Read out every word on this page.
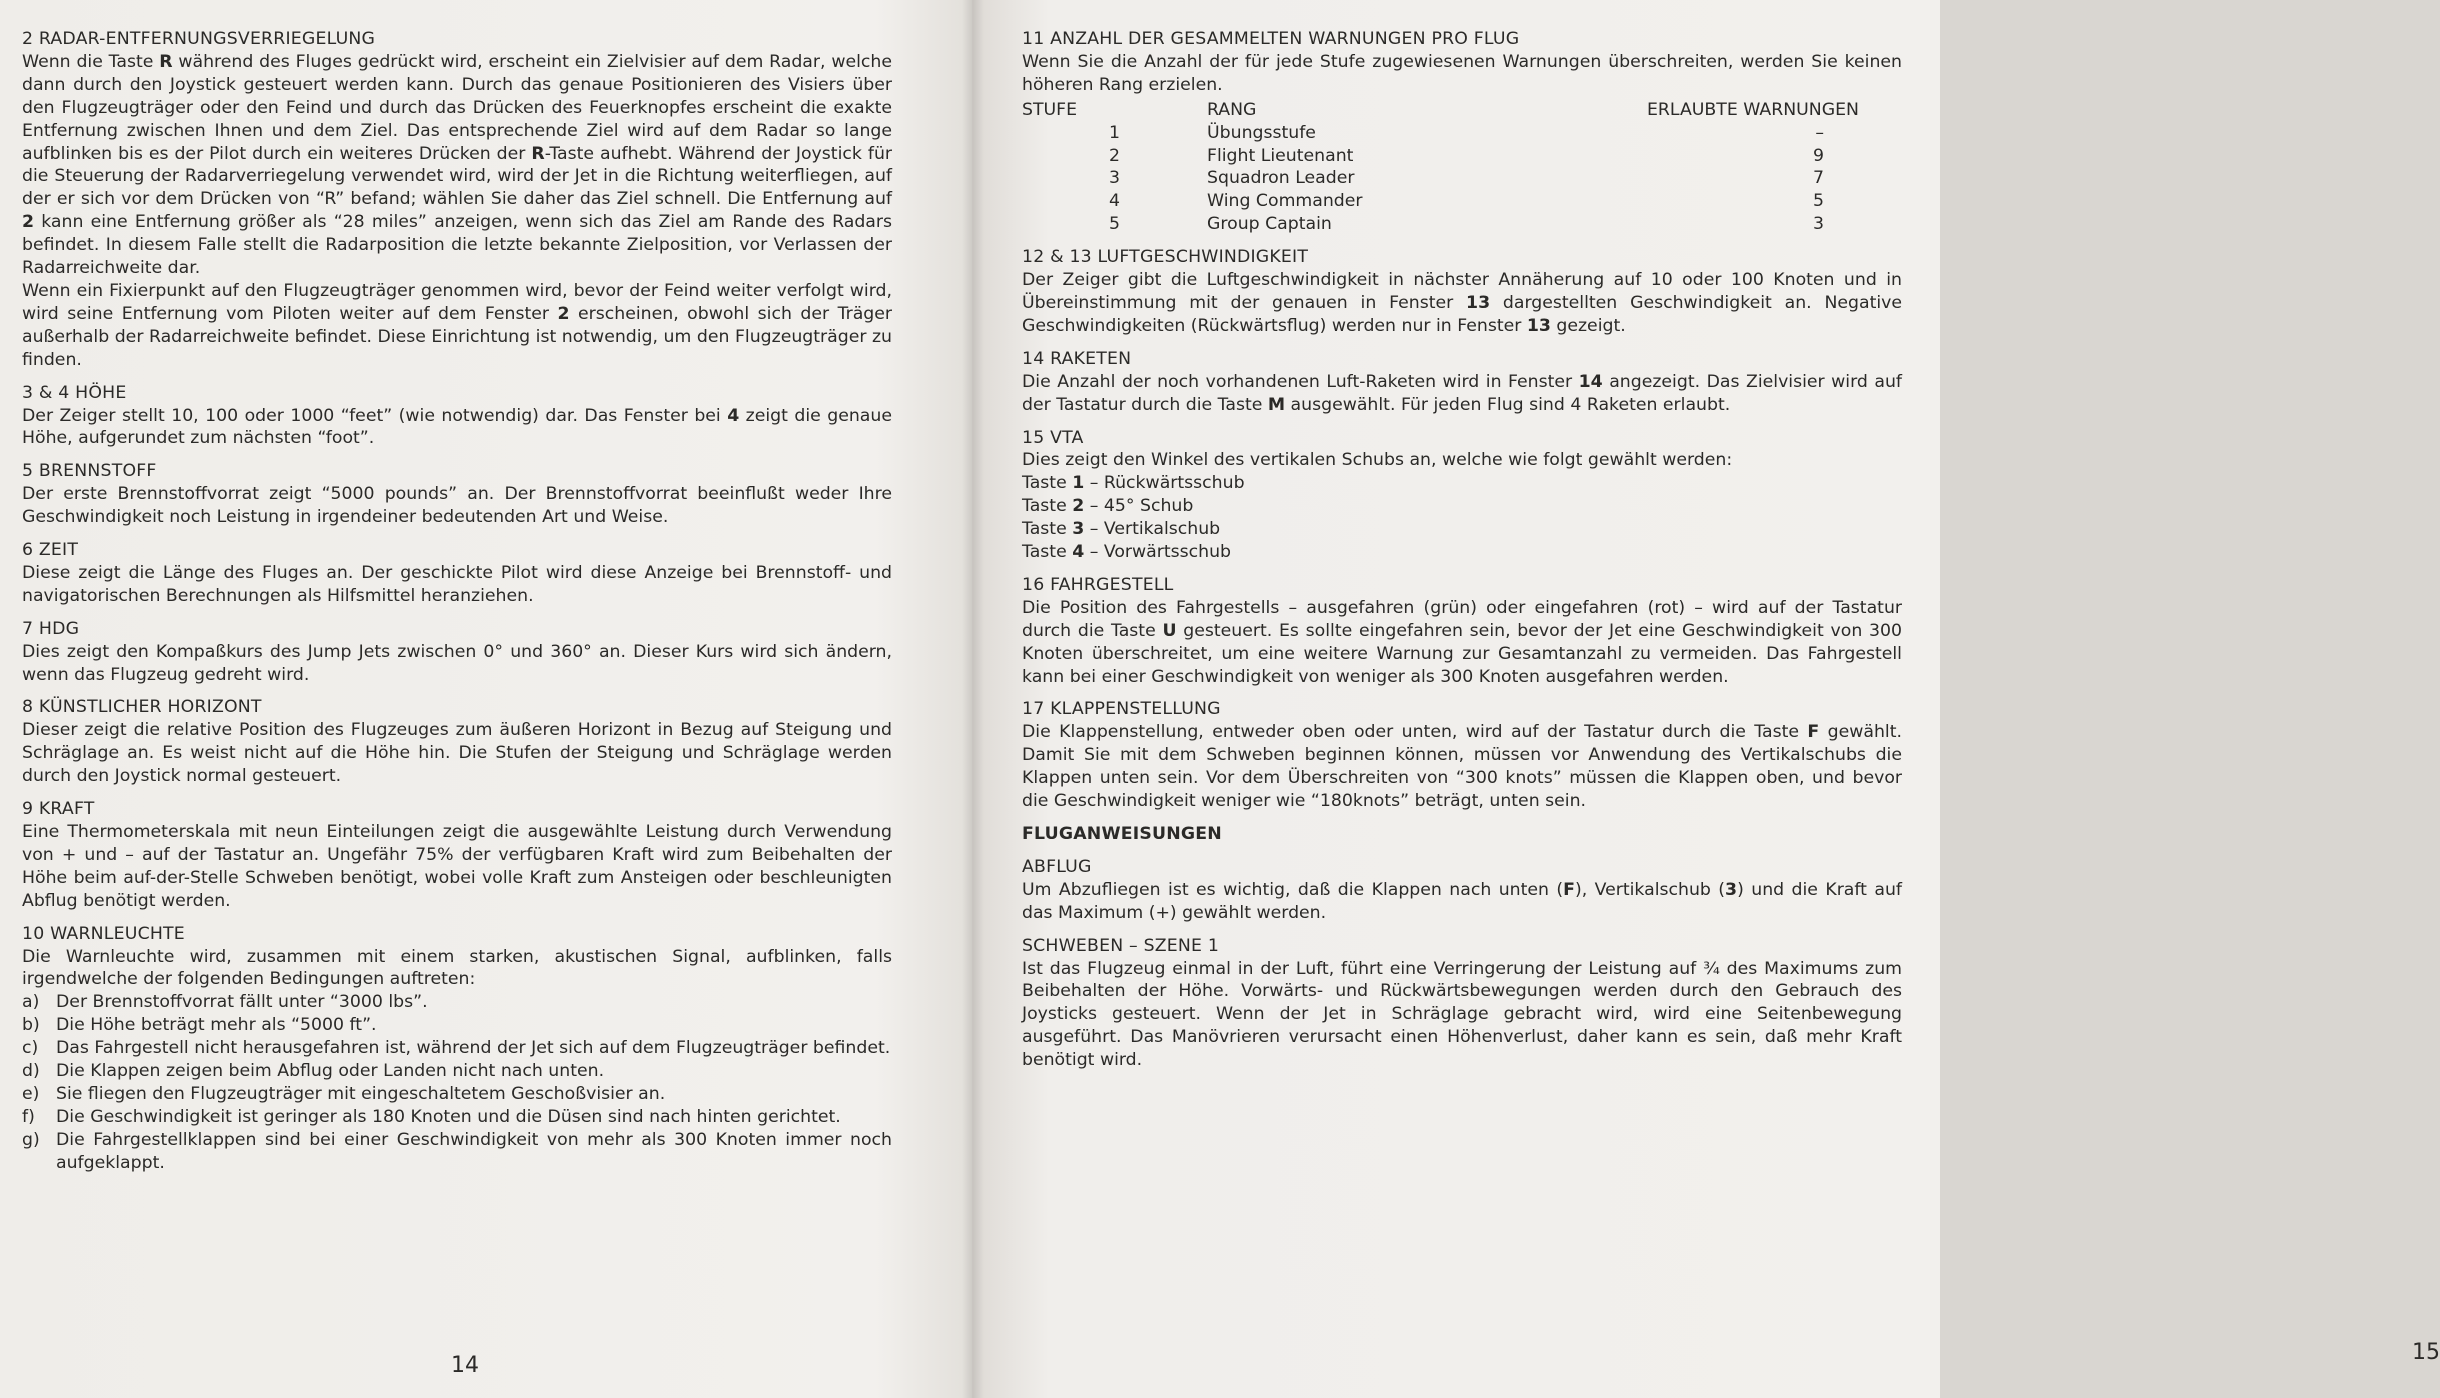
2 RADAR-ENTFERNUNGSVERRIEGELUNG

Wenn die Taste R während des Fluges gedrückt wird, erscheint ein Zielvisier auf dem Radar, welche dann durch den Joystick gesteuert werden kann. Durch das genaue Positionieren des Visiers über den Flugzeugträger oder den Feind und durch das Drücken des Feuerknopfes erscheint die exakte Entfernung zwischen Ihnen und dem Ziel. Das entsprechende Ziel wird auf dem Radar so lange aufblinken bis es der Pilot durch ein weiteres Drücken der R-Taste aufhebt. Während der Joystick für die Steuerung der Radarverriegelung verwendet wird, wird der Jet in die Richtung weiterfliegen, auf der er sich vor dem Drücken von “R” befand; wählen Sie daher das Ziel schnell. Die Entfernung auf 2 kann eine Entfernung größer als “28 miles” anzeigen, wenn sich das Ziel am Rande des Radars befindet. In diesem Falle stellt die Radarposition die letzte bekannte Zielposition, vor Verlassen der Radarreichweite dar.

Wenn ein Fixierpunkt auf den Flugzeugträger genommen wird, bevor der Feind weiter verfolgt wird, wird seine Entfernung vom Piloten weiter auf dem Fenster 2 erscheinen, obwohl sich der Träger außerhalb der Radarreichweite befindet. Diese Einrichtung ist notwendig, um den Flugzeugträger zu finden.

3 & 4 HÖHE

Der Zeiger stellt 10, 100 oder 1000 “feet” (wie notwendig) dar. Das Fenster bei 4 zeigt die genaue Höhe, aufgerundet zum nächsten “foot”.

5 BRENNSTOFF

Der erste Brennstoffvorrat zeigt “5000 pounds” an. Der Brennstoffvorrat beeinflußt weder Ihre Geschwindigkeit noch Leistung in irgendeiner bedeutenden Art und Weise.

6 ZEIT

Diese zeigt die Länge des Fluges an. Der geschickte Pilot wird diese Anzeige bei Brennstoff- und navigatorischen Berechnungen als Hilfsmittel heranziehen.

7 HDG

Dies zeigt den Kompaßkurs des Jump Jets zwischen 0° und 360° an. Dieser Kurs wird sich ändern, wenn das Flugzeug gedreht wird.

8 KÜNSTLICHER HORIZONT

Dieser zeigt die relative Position des Flugzeuges zum äußeren Horizont in Bezug auf Steigung und Schräglage an. Es weist nicht auf die Höhe hin. Die Stufen der Steigung und Schräglage werden durch den Joystick normal gesteuert.

9 KRAFT

Eine Thermometerskala mit neun Einteilungen zeigt die ausgewählte Leistung durch Verwendung von + und – auf der Tastatur an. Ungefähr 75% der verfügbaren Kraft wird zum Beibehalten der Höhe beim auf-der-Stelle Schweben benötigt, wobei volle Kraft zum Ansteigen oder beschleunigten Abflug benötigt werden.

10 WARNLEUCHTE

Die Warnleuchte wird, zusammen mit einem starken, akustischen Signal, aufblinken, falls irgendwelche der folgenden Bedingungen auftreten:

a) Der Brennstoffvorrat fällt unter “3000 lbs”.
b) Die Höhe beträgt mehr als “5000 ft”.
c) Das Fahrgestell nicht herausgefahren ist, während der Jet sich auf dem Flugzeugträger befindet.
d) Die Klappen zeigen beim Abflug oder Landen nicht nach unten.
e) Sie fliegen den Flugzeugträger mit eingeschaltetem Geschoßvisier an.
f) Die Geschwindigkeit ist geringer als 180 Knoten und die Düsen sind nach hinten gerichtet.
g) Die Fahrgestellklappen sind bei einer Geschwindigkeit von mehr als 300 Knoten immer noch aufgeklappt.
14
11 ANZAHL DER GESAMMELTEN WARNUNGEN PRO FLUG

Wenn Sie die Anzahl der für jede Stufe zugewiesenen Warnungen überschreiten, werden Sie keinen höheren Rang erzielen.

STUFE	RANG	ERLAUBTE WARNUNGEN
1	Übungsstufe	–
2	Flight Lieutenant	9
3	Squadron Leader	7
4	Wing Commander	5
5	Group Captain	3
12 & 13 LUFTGESCHWINDIGKEIT

Der Zeiger gibt die Luftgeschwindigkeit in nächster Annäherung auf 10 oder 100 Knoten und in Übereinstimmung mit der genauen in Fenster 13 dargestellten Geschwindigkeit an. Negative Geschwindigkeiten (Rückwärtsflug) werden nur in Fenster 13 gezeigt.

14 RAKETEN

Die Anzahl der noch vorhandenen Luft-Raketen wird in Fenster 14 angezeigt. Das Zielvisier wird auf der Tastatur durch die Taste M ausgewählt. Für jeden Flug sind 4 Raketen erlaubt.

15 VTA

Dies zeigt den Winkel des vertikalen Schubs an, welche wie folgt gewählt werden:

Taste 1 – Rückwärtsschub
Taste 2 – 45° Schub
Taste 3 – Vertikalschub
Taste 4 – Vorwärtsschub
16 FAHRGESTELL

Die Position des Fahrgestells – ausgefahren (grün) oder eingefahren (rot) – wird auf der Tastatur durch die Taste U gesteuert. Es sollte eingefahren sein, bevor der Jet eine Geschwindigkeit von 300 Knoten überschreitet, um eine weitere Warnung zur Gesamtanzahl zu vermeiden. Das Fahrgestell kann bei einer Geschwindigkeit von weniger als 300 Knoten ausgefahren werden.

17 KLAPPENSTELLUNG

Die Klappenstellung, entweder oben oder unten, wird auf der Tastatur durch die Taste F gewählt. Damit Sie mit dem Schweben beginnen können, müssen vor Anwendung des Vertikalschubs die Klappen unten sein. Vor dem Überschreiten von “300 knots” müssen die Klappen oben, und bevor die Geschwindigkeit weniger wie “180knots” beträgt, unten sein.

FLUGANWEISUNGEN
ABFLUG

Um Abzufliegen ist es wichtig, daß die Klappen nach unten (F), Vertikalschub (3) und die Kraft auf das Maximum (+) gewählt werden.

SCHWEBEN – SZENE 1

Ist das Flugzeug einmal in der Luft, führt eine Verringerung der Leistung auf ¾ des Maximums zum Beibehalten der Höhe. Vorwärts- und Rückwärtsbewegungen werden durch den Gebrauch des Joysticks gesteuert. Wenn der Jet in Schräglage gebracht wird, wird eine Seitenbewegung ausgeführt. Das Manövrieren verursacht einen Höhenverlust, daher kann es sein, daß mehr Kraft benötigt wird.

15
